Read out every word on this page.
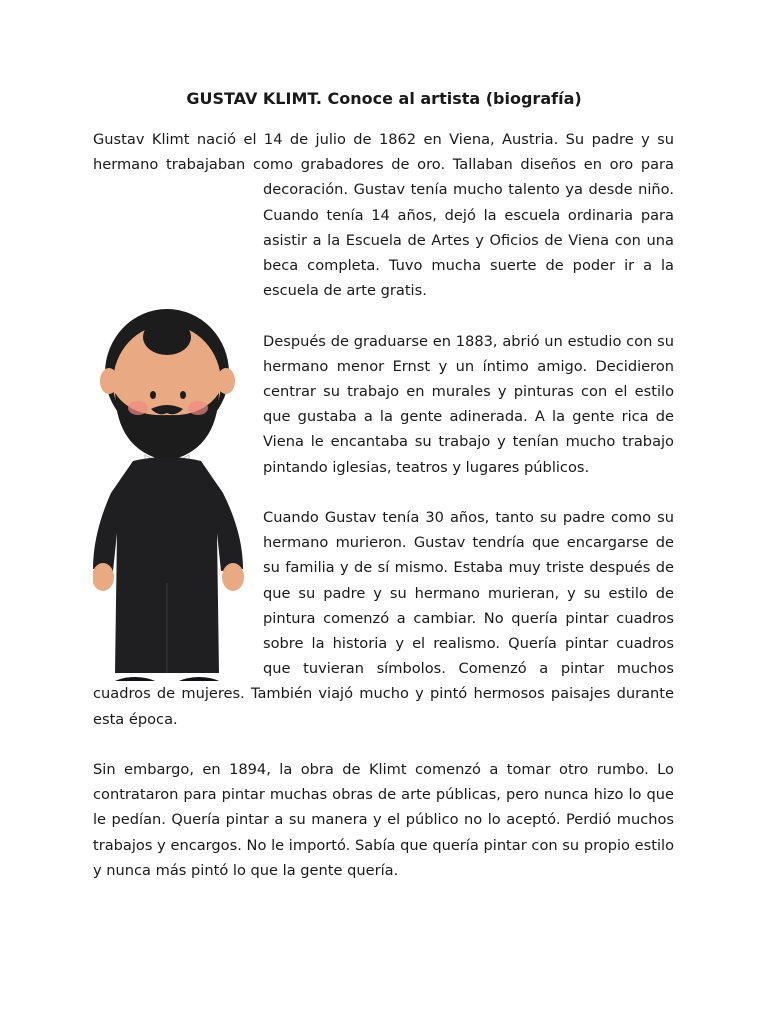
GUSTAV KLIMT. Conoce al artista (biografía)

Gustav Klimt nació el 14 de julio de 1862 en Viena, Austria. Su padre y su hermano trabajaban como grabadores de oro. Tallaban diseños en oro para decoración. Gustav tenía mucho talento ya desde niño. Cuando tenía 14 años, dejó la escuela ordinaria para asistir a la Escuela de Artes y Oficios de Viena con una beca completa. Tuvo mucha suerte de poder ir a la escuela de arte gratis.

Después de graduarse en 1883, abrió un estudio con su hermano menor Ernst y un íntimo amigo. Decidieron centrar su trabajo en murales y pinturas con el estilo que gustaba a la gente adinerada. A la gente rica de Viena le encantaba su trabajo y tenían mucho trabajo pintando iglesias, teatros y lugares públicos.

Cuando Gustav tenía 30 años, tanto su padre como su hermano murieron. Gustav tendría que encargarse de su familia y de sí mismo. Estaba muy triste después de que su padre y su hermano murieran, y su estilo de pintura comenzó a cambiar. No quería pintar cuadros sobre la historia y el realismo. Quería pintar cuadros que tuvieran símbolos. Comenzó a pintar muchos cuadros de mujeres. También viajó mucho y pintó hermosos paisajes durante esta época.

Sin embargo, en 1894, la obra de Klimt comenzó a tomar otro rumbo. Lo contrataron para pintar muchas obras de arte públicas, pero nunca hizo lo que le pedían. Quería pintar a su manera y el público no lo aceptó. Perdió muchos trabajos y encargos. No le importó. Sabía que quería pintar con su propio estilo y nunca más pintó lo que la gente quería.
